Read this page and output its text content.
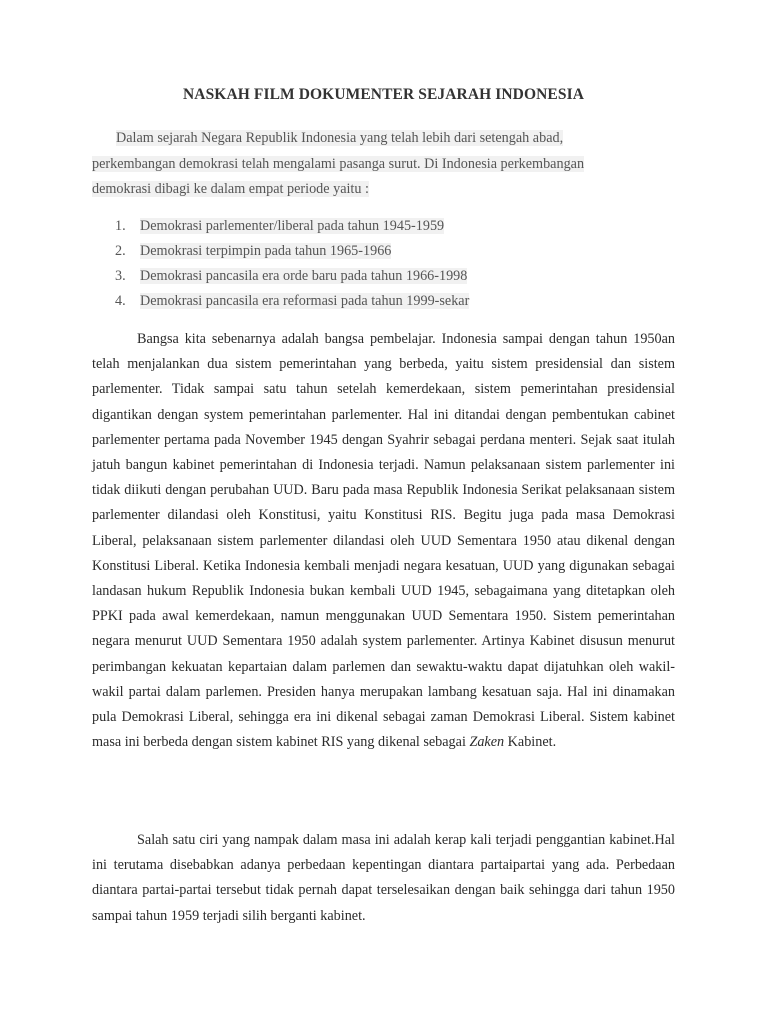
NASKAH FILM DOKUMENTER SEJARAH INDONESIA

Dalam sejarah Negara Republik Indonesia yang telah lebih dari setengah abad,
perkembangan demokrasi telah mengalami pasanga surut. Di Indonesia perkembangan
demokrasi dibagi ke dalam empat periode yaitu :

1. Demokrasi parlementer/liberal pada tahun 1945-1959
2. Demokrasi terpimpin pada tahun 1965-1966
3. Demokrasi pancasila era orde baru pada tahun 1966-1998
4. Demokrasi pancasila era reformasi pada tahun 1999-sekar

Bangsa kita sebenarnya adalah bangsa pembelajar. Indonesia sampai dengan tahun 1950an telah menjalankan dua sistem pemerintahan yang berbeda, yaitu sistem presidensial dan sistem parlementer. Tidak sampai satu tahun setelah kemerdekaan, sistem pemerintahan presidensial digantikan dengan system pemerintahan parlementer. Hal ini ditandai dengan pembentukan cabinet parlementer pertama pada November 1945 dengan Syahrir sebagai perdana menteri. Sejak saat itulah jatuh bangun kabinet pemerintahan di Indonesia terjadi. Namun pelaksanaan sistem parlementer ini tidak diikuti dengan perubahan UUD. Baru pada masa Republik Indonesia Serikat pelaksanaan sistem parlementer dilandasi oleh Konstitusi, yaitu Konstitusi RIS. Begitu juga pada masa Demokrasi Liberal, pelaksanaan sistem parlementer dilandasi oleh UUD Sementara 1950 atau dikenal dengan Konstitusi Liberal. Ketika Indonesia kembali menjadi negara kesatuan, UUD yang digunakan sebagai landasan hukum Republik Indonesia bukan kembali UUD 1945, sebagaimana yang ditetapkan oleh PPKI pada awal kemerdekaan, namun menggunakan UUD Sementara 1950. Sistem pemerintahan negara menurut UUD Sementara 1950 adalah system parlementer. Artinya Kabinet disusun menurut perimbangan kekuatan kepartaian dalam parlemen dan sewaktu-waktu dapat dijatuhkan oleh wakil-wakil partai dalam parlemen. Presiden hanya merupakan lambang kesatuan saja. Hal ini dinamakan pula Demokrasi Liberal, sehingga era ini dikenal sebagai zaman Demokrasi Liberal. Sistem kabinet masa ini berbeda dengan sistem kabinet RIS yang dikenal sebagai Zaken Kabinet.

Salah satu ciri yang nampak dalam masa ini adalah kerap kali terjadi penggantian kabinet.Hal ini terutama disebabkan adanya perbedaan kepentingan diantara partaipartai yang ada. Perbedaan diantara partai-partai tersebut tidak pernah dapat terselesaikan dengan baik sehingga dari tahun 1950 sampai tahun 1959 terjadi silih berganti kabinet.
